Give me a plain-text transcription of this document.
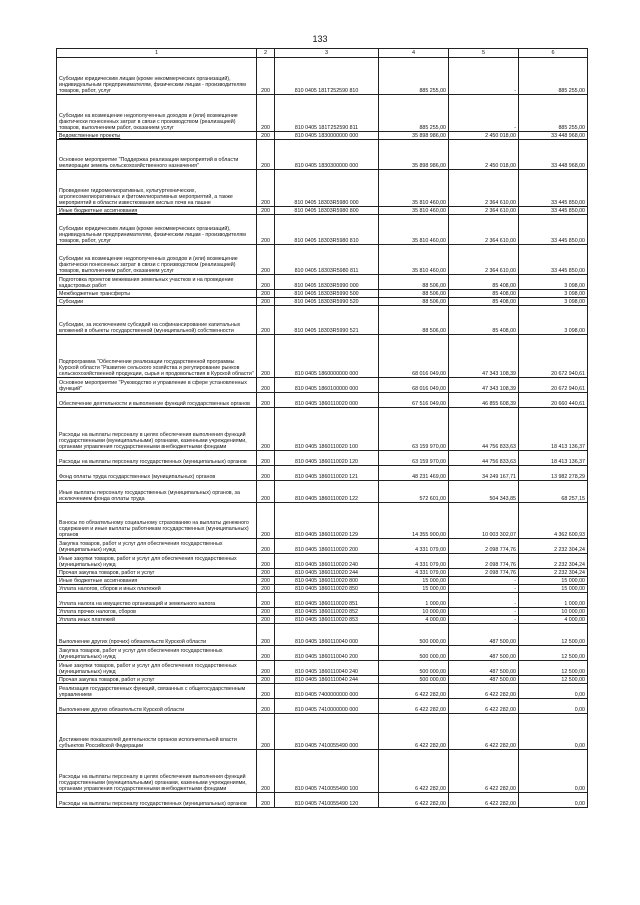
133
1	2	3	4	5	6
Субсидии юридическим лицам (кроме некоммерческих организаций), индивидуальным предпринимателям, физическим лицам - производителям товаров, работ, услуг	200	810 0405 181T252590 810	885 255,00	-	885 255,00
Субсидии на возмещение недополученных доходов и (или) возмещение фактически понесенных затрат в связи с производством (реализацией) товаров, выполнением работ, оказанием услуг	200	810 0405 181T252590 811	885 255,00	-	885 255,00
Ведомственные проекты	200	810 0405 1830000000 000	35 898 986,00	2 450 018,00	33 448 968,00
Основное мероприятие "Поддержка реализации мероприятий в области мелиорации земель сельскохозяйственного назначения"	200	810 0405 1830300000 000	35 898 986,00	2 450 018,00	33 448 968,00
Проведение гидромелиоративных, культуртехнических, агролесомелиоративных и фитомелиоративных мероприятий, а также мероприятий в области известкования кислых почв на пашне	200	810 0405 18303R5980 000	35 810 460,00	2 364 610,00	33 445 850,00
Иные бюджетные ассигнования	200	810 0405 18303R5980 800	35 810 460,00	2 364 610,00	33 445 850,00
Субсидии юридическим лицам (кроме некоммерческих организаций), индивидуальным предпринимателям, физическим лицам - производителям товаров, работ, услуг	200	810 0405 18303R5980 810	35 810 460,00	2 364 610,00	33 445 850,00
Субсидии на возмещение недополученных доходов и (или) возмещение фактически понесенных затрат в связи с производством (реализацией) товаров, выполнением работ, оказанием услуг	200	810 0405 18303R5980 811	35 810 460,00	2 364 610,00	33 445 850,00
Подготовка проектов межевания земельных участков и на проведение кадастровых работ	200	810 0405 18303R5990 000	88 506,00	85 408,00	3 098,00
Межбюджетные трансферты	200	810 0405 18303R5990 500	88 506,00	85 408,00	3 098,00
Субсидии	200	810 0405 18303R5990 520	88 506,00	85 408,00	3 098,00
Субсидии, за исключением субсидий на софинансирование капитальных вложений в объекты государственной (муниципальной) собственности	200	810 0405 18303R5990 521	88 506,00	85 408,00	3 098,00
Подпрограмма "Обеспечение реализации государственной программы Курской области "Развитие сельского хозяйства и регулирование рынков сельскохозяйственной продукции, сырья и продовольствия в Курской области"	200	810 0405 1860000000 000	68 016 049,00	47 343 108,39	20 672 940,61
Основное мероприятие "Руководство и управление в сфере установленных функций"	200	810 0405 1860100000 000	68 016 049,00	47 343 108,39	20 672 940,61
Обеспечение деятельности и выполнение функций государственных органов	200	810 0405 1860110020 000	67 516 049,00	46 855 608,39	20 660 440,61
Расходы на выплаты персоналу в целях обеспечения выполнения функций государственными (муниципальными) органами, казенными учреждениями, органами управления государственными внебюджетными фондами	200	810 0405 1860110020 100	63 159 970,00	44 756 833,63	18 413 136,37
Расходы на выплаты персоналу государственных (муниципальных) органов	200	810 0405 1860110020 120	63 159 970,00	44 756 833,63	18 413 136,37
Фонд оплаты труда государственных (муниципальных) органов	200	810 0405 1860110020 121	48 231 469,00	34 249 167,71	13 982 278,29
Иные выплаты персоналу государственных (муниципальных) органов, за исключением фонда оплаты труда	200	810 0405 1860110020 122	572 601,00	504 343,85	68 257,15
Взносы по обязательному социальному страхованию на выплаты денежного содержания и иные выплаты работникам государственных (муниципальных) органов	200	810 0405 1860110020 129	14 355 900,00	10 003 302,07	4 362 600,93
Закупка товаров, работ и услуг для обеспечения государственных (муниципальных) нужд	200	810 0405 1860110020 200	4 331 079,00	2 098 774,76	2 232 304,24
Иные закупки товаров, работ и услуг для обеспечения государственных (муниципальных) нужд	200	810 0405 1860110020 240	4 331 079,00	2 098 774,76	2 232 304,24
Прочая закупка товаров, работ и услуг	200	810 0405 1860110020 244	4 331 079,00	2 098 774,76	2 232 304,24
Иные бюджетные ассигнования	200	810 0405 1860110020 800	15 000,00	-	15 000,00
Уплата налогов, сборов и иных платежей	200	810 0405 1860110020 850	15 000,00	-	15 000,00
Уплата налога на имущество организаций и земельного налога	200	810 0405 1860110020 851	1 000,00	-	1 000,00
Уплата прочих налогов, сборов	200	810 0405 1860110020 852	10 000,00	-	10 000,00
Уплата иных платежей	200	810 0405 1860110020 853	4 000,00	-	4 000,00
Выполнение других (прочих) обязательств Курской области	200	810 0405 1860110040 000	500 000,00	487 500,00	12 500,00
Закупка товаров, работ и услуг для обеспечения государственных (муниципальных) нужд	200	810 0405 1860110040 200	500 000,00	487 500,00	12 500,00
Иные закупки товаров, работ и услуг для обеспечения государственных (муниципальных) нужд	200	810 0405 1860110040 240	500 000,00	487 500,00	12 500,00
Прочая закупка товаров, работ и услуг	200	810 0405 1860110040 244	500 000,00	487 500,00	12 500,00
Реализация государственных функций, связанных с общегосударственным управлением	200	810 0405 7400000000 000	6 422 282,00	6 422 282,00	0,00
Выполнение других обязательств Курской области	200	810 0405 7410000000 000	6 422 282,00	6 422 282,00	0,00
Достижение показателей деятельности органов исполнительной власти субъектов Российской Федерации	200	810 0405 7410055490 000	6 422 282,00	6 422 282,00	0,00
Расходы на выплаты персоналу в целях обеспечения выполнения функций государственными (муниципальными) органами, казенными учреждениями, органами управления государственными внебюджетными фондами	200	810 0405 7410055490 100	6 422 282,00	6 422 282,00	0,00
Расходы на выплаты персоналу государственных (муниципальных) органов	200	810 0405 7410055490 120	6 422 282,00	6 422 282,00	0,00
